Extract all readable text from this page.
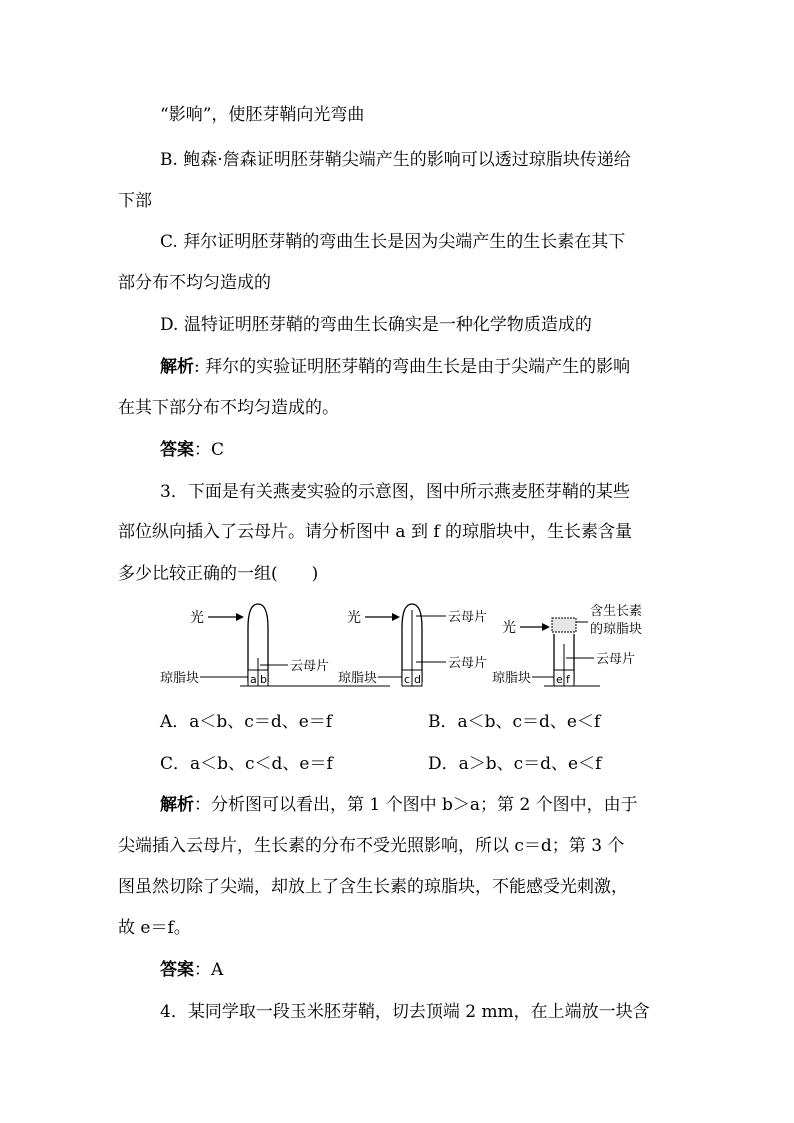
“影响”，使胚芽鞘向光弯曲
B. 鲍森·詹森证明胚芽鞘尖端产生的影响可以透过琼脂块传递给
下部
C. 拜尔证明胚芽鞘的弯曲生长是因为尖端产生的生长素在其下
部分布不均匀造成的
D. 温特证明胚芽鞘的弯曲生长确实是一种化学物质造成的
解析: 拜尔的实验证明胚芽鞘的弯曲生长是由于尖端产生的影响
在其下部分布不均匀造成的。
答案：C
3．下面是有关燕麦实验的示意图，图中所示燕麦胚芽鞘的某些
部位纵向插入了云母片。请分析图中 a 到 f 的琼脂块中，生长素含量
多少比较正确的一组(　　)
光
a b
云母片
琼脂块
光
c d
云母片
云母片
琼脂块
光
e f
含生长素
的琼脂块
云母片
琼脂块
A．a＜b、c＝d、e＝f	B．a＜b、c＝d、e＜f
C．a＜b、c＜d、e＝f	D．a＞b、c＝d、e＜f
解析：分析图可以看出，第 1 个图中 b＞a；第 2 个图中，由于
尖端插入云母片，生长素的分布不受光照影响，所以 c＝d；第 3 个
图虽然切除了尖端，却放上了含生长素的琼脂块，不能感受光刺激，
故 e＝f。
答案：A
4．某同学取一段玉米胚芽鞘，切去顶端 2 mm，在上端放一块含
